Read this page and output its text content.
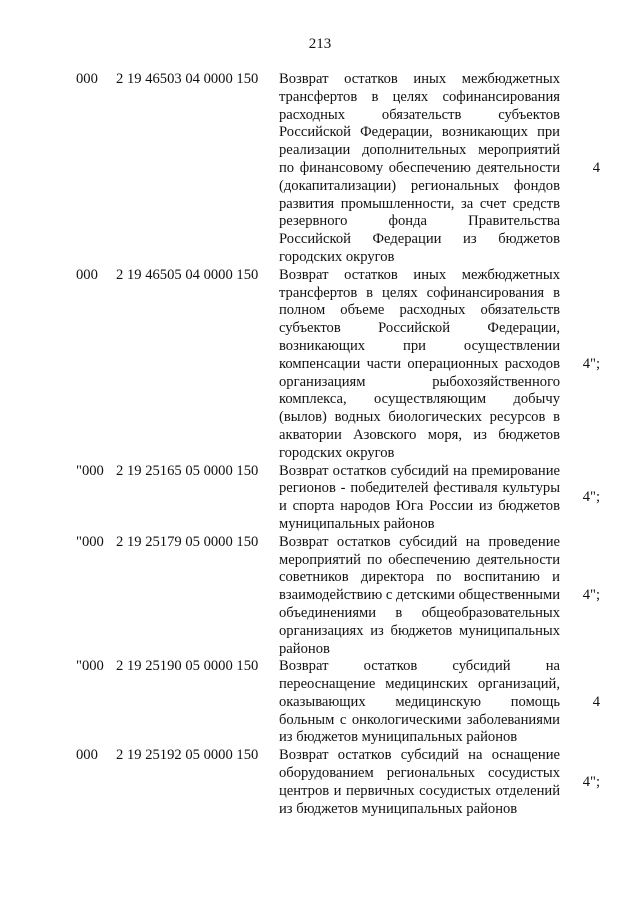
213
000 2 19 46503 04 0000 150 Возврат остатков иных межбюджетных трансфертов в целях софинансирования расходных обязательств субъектов Российской Федерации, возникающих при реализации дополнительных мероприятий по финансовому обеспечению деятельности (докапитализации) региональных фондов развития промышленности, за счет средств резервного фонда Правительства Российской Федерации из бюджетов городских округов
4
000 2 19 46505 04 0000 150 Возврат остатков иных межбюджетных трансфертов в целях софинансирования в полном объеме расходных обязательств субъектов Российской Федерации, возникающих при осуществлении компенсации части операционных расходов организациям рыбохозяйственного комплекса, осуществляющим добычу (вылов) водных биологических ресурсов в акватории Азовского моря, из бюджетов городских округов
4";
"000 2 19 25165 05 0000 150 Возврат остатков субсидий на премирование регионов - победителей фестиваля культуры и спорта народов Юга России из бюджетов муниципальных районов
4";
"000 2 19 25179 05 0000 150 Возврат остатков субсидий на проведение мероприятий по обеспечению деятельности советников директора по воспитанию и взаимодействию с детскими общественными объединениями в общеобразовательных организациях из бюджетов муниципальных районов
4";
"000 2 19 25190 05 0000 150 Возврат остатков субсидий на переоснащение медицинских организаций, оказывающих медицинскую помощь больным с онкологическими заболеваниями из бюджетов муниципальных районов
4
000 2 19 25192 05 0000 150 Возврат остатков субсидий на оснащение оборудованием региональных сосудистых центров и первичных сосудистых отделений из бюджетов муниципальных районов
4";
